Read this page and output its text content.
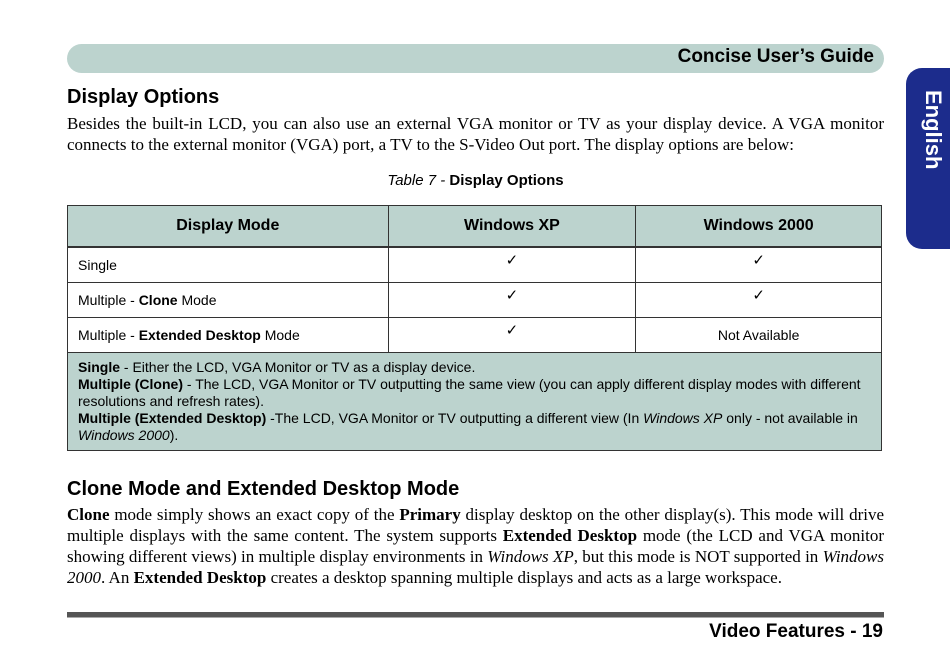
Concise User’s Guide
English
Display Options

Besides the built-in LCD, you can also use an external VGA monitor or TV as your display device. A VGA monitor connects to the external monitor (VGA) port, a TV to the S-Video Out port. The display options are below:

Table 7 - Display Options
Display Mode	Windows XP	Windows 2000
Single	✓	✓
Multiple - Clone Mode	✓	✓
Multiple - Extended Desktop Mode	✓	Not Available

Single - Either the LCD, VGA Monitor or TV as a display device.
Multiple (Clone) - The LCD, VGA Monitor or TV outputting the same view (you can apply different display modes with different resolutions and refresh rates).
Multiple (Extended Desktop) -The LCD, VGA Monitor or TV outputting a different view (In Windows XP only - not available in Windows 2000).		
Clone Mode and Extended Desktop Mode

Clone mode simply shows an exact copy of the Primary display desktop on the other display(s). This mode will drive multiple displays with the same content. The system supports Extended Desktop mode (the LCD and VGA monitor showing different views) in multiple display environments in Windows XP, but this mode is NOT supported in Windows 2000. An Extended Desktop creates a desktop spanning multiple displays and acts as a large workspace.

Video Features - 19
